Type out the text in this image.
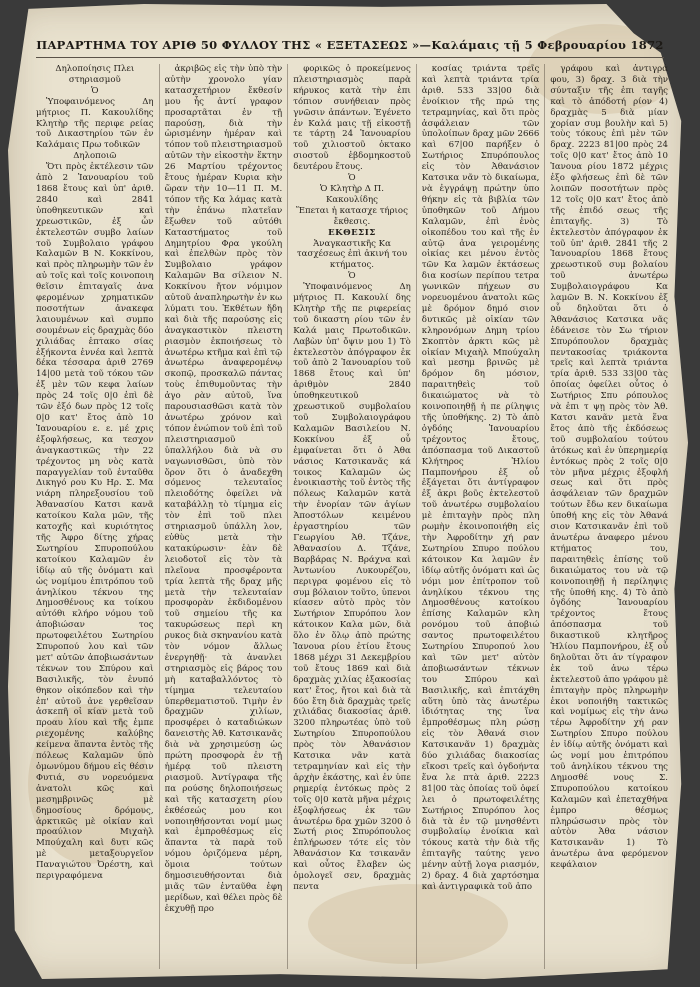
ΠΑΡΑΡΤΗΜΑ ΤΟΥ ΑΡΙΘ 50 ΦΥΛΛΟΥ ΤΗΣ « ΕΞΕΤΑΣΕΩΣ »—Καλάμαις τῇ 5 Φεβρουαρίου 1872

Δηλοποίησις Πλει στηριασμοῦ

Ὁ

Ὑποφαινόμενος Δη μήτριος Π. Κακουλίδης Κλητὴρ τῆς περιφε ρείας τοῦ Δικαστηρίου τῶν ἐν Καλάμαις Πρω τοδικῶν

Δηλοποιῶ

Ὅτι πρὸς ἐκτέλεσιν τῶν ἀπὸ 2 Ἰανουαρίου τοῦ 1868 ἔτους καὶ ὑπ' ἀριθ. 2840 καὶ 2841 ὑποθηκευτικῶν καὶ χρεωστικῶν, ἐξ ὧν ἐκτελεστῶν συμβο λαίων τοῦ Συμβολαιο γράφου Καλαμῶν Β Ν. Κοκκίνου, καὶ πρὸς πληρωμὴν τῶν ἐν αὐ τοῖς καὶ τοῖς κοινοποιη θεῖσιν ἐπιταγαῖς ἀνα φερομένων χρηματικῶν ποσοτήτων ἀνακεφα λαιουμένων καὶ συμπο σουμένων εἰς δραχμὰς δύο χιλιάδας ἑπτακο σίας ἑξήκοντα ἐννέα καὶ λεπτὰ δέκα τέσσαρα ἀριθ 2769 14|00 μετὰ τοῦ τόκου τῶν ἐξ μὲν τῶν κεφα λαίων πρὸς 24 τοῖς 0|0 ἐπὶ δὲ τῶν ἐξό δων πρὸς 12 τοῖς 0|0 κατ' ἔτος ἀπὸ 10 Ἰανουαρίου ε. ε. μέ χρις ἐξοφλήσεως, κα τεσχον ἀναγκαστικῶς τὴν 22 τρέχοντος μη νὸς κατὰ παραγγελίαν τοῦ ἐνταῦθα Δικηγό ρου Κυ Ηρ. Σ. Μα νιάρη πληρεξουσίου τοῦ Ἀθανασίου Κατσι κανᾶ κατοίκου Καλα μῶν, τῆς κατοχῆς καὶ κυριότητος τῆς Ἀφρο δίτης χήρας Σωτηρίου Σπυροπούλου κατοίκου Καλαμῶν ἐν ἰδίῳ αὐ τῆς ὀνόματι καὶ ὡς νομίμου ἐπιτρόπου τοῦ ἀνηλίκου τέκνου της Δημοσθένους κα τοίκου αὐτόθι κλήρο νόμου τοῦ ἀποβιώσαν τος πρωτοφειλέτου Σωτηρίου Σπυροπού λου καὶ τῶν μετ' αὐτῶν ἀποβιωσάντων τέκνων του Σπύρου καὶ Βασιλικῆς, τὸν ἑνυπό θηκον οἰκόπεδον καὶ τὴν ἐπ' αὐτοῦ ἀνε γερθεῖσαν ἀσκεπῆ οἰ κίαν μετὰ τοῦ προαυ λίου καὶ τῆς ἐμπε ριεχομένης καλύβης κείμενα ἅπαντα ἐντὸς τῆς πόλεως Καλαμῶν ὑπὸ ὁμωνύμου δήμου εἰς θέσιν Φυτιά, συ νορευόμενα ἀνατολι κῶς καὶ μεσημβρινῶς μὲ δημοσίους δρόμους, ἀρκτικῶς μὲ οἰκίαν καὶ προαύλιον Μιχαὴλ Μπούχαλη καὶ δυτι κῶς μὲ μεταξουργεῖον Παναγιώτου Ὀρέστη, καὶ περιγραφόμενα

ἀκριβῶς εἰς τὴν ὑπὸ τὴν αὐτὴν χρονολο γίαν κατασχετήριον ἔκθεσίν μου ἧς ἀντί γραφον προσαρτᾶται ἐν τῇ παρούσῃ, διὰ τὴν ὡρισμένην ἡμέραν καὶ τόπον τοῦ πλειστηριασμοῦ αὐτῶν τὴν εἰκοστὴν ἕκτην 26 Μαρτίου τρέχοντος ἔτους ἡμέραν Κυρια κὴν ὥραν τὴν 10—11 Π. Μ. τόπον τῆς Κα λάμας κατὰ τὴν ἐπάνω πλατεῖαν ἔξωθεν τοῦ αὐτόθι Καταστήματος τοῦ Δημητρίου Φρα γκούλη καὶ ἐπελθὼν πρὸς τὸν Συμβολαιο γράφον Καλαμῶν Βα σίλειον Ν. Κοκκίνου ἤτον νόμιμον αὐτοῦ ἀναπληρωτὴν ἐν κω λύματι του. Ἐκθέτων ἤδη καὶ διὰ τῆς παρούσης εἰς ἀναγκαστικὸν πλειστη ριασμὸν ἐκποιήσεως τὸ ἀνωτέρω κτῆμα καὶ ἐπὶ τῷ ἀνωτέρω ἀναφερομένῳ σκοπῷ, προσκαλῶ πάντας τοὺς ἐπιθυμοῦντας τὴν ἀγο ρὰν αὐτοῦ, ἵνα παρουσιασθῶσι κατὰ τὸν ἀνωτέρω χρόνον καὶ τόπον ἐνώπιον τοῦ ἐπὶ τοῦ πλειστηριασμοῦ ὑπαλλήλου διὰ νὰ συ ναγωνισθῶσι, ὑπὸ τὸν ὅρον ὅτι ὁ ἀναδεχθη σόμενος τελευταῖος πλειοδότης ὀφείλει νὰ καταβάλλῃ τὸ τίμημα εἰς τὸν ἐπὶ τοῦ πλει στηριασμοῦ ὑπάλλη λον, εὐθὺς μετὰ τὴν κατακύρωσιν· ἐὰν δὲ λειοδοτοῖ εἰς τὸν τὰ πλεῖονα προσφέροντα τρία λεπτὰ τῆς δραχ μῆς μετὰ τὴν τελευταίαν προσφορὰν ἐκδιδομένου τοῦ σημείου τῆς κα τακυρώσεως περὶ κη ρυκος διὰ σκηνανίου κατὰ τὸν νόμον ἄλλως ἐνεργηθῇ· τὰ ἀνανλει στηριασμὸς εἰς βάρος του μὴ καταβαλλόντος τὸ τίμημα τελευταίου ὑπερθεματιστοῦ. Τιμὴν ἐν δραχμῶν χιλίων, προσφέρει ὁ καταδιώκων δανειστὴς Ἀθ. Κατσικανᾶς διὰ νὰ χρησιμεύσῃ ὡς πρώτη προσφορὰ ἐν τῇ ἡμέρᾳ τοῦ πλειστη ριασμοῦ. Ἀντίγραφα τῆς πα ρούσης δηλοποιήσεως καὶ τῆς κατασχετη ρίου ἐκθέσεώς μου κοι νοποιηθήσονται νομί μως καὶ ἐμπροθέσμως εἰς ἅπαντα τὰ παρὰ τοῦ νόμου ὁριζόμενα μέρη, ὅμοια τούτων δημοσιευθήσονται διὰ μιᾶς τῶν ἐνταῦθα ἐφη μερίδων, καὶ θέλει πρὸς δὲ ἐκχυθῇ προ

φορικῶς ὁ προκείμενος πλειστηριασμὸς παρὰ κήρυκος κατὰ τὴν ἐπι τόπιον συνήθειαν πρὸς γνῶσιν ἁπάντων. Ἐγένετο ἐν Καλά μαις τῇ εἰκοστῇ τε τάρτῃ 24 Ἰανουαρίου τοῦ χιλιοστοῦ ὀκτακο σιοστοῦ ἑβδομηκοστοῦ δευτέρου ἔτους.

Ὁ

Ὁ Κλητὴρ Δ Π. Κακουλίδης

Ἕπεται ἡ κατασχε τήριος ἔκθεσις.

ΕΚΘΕΣΙΣ

Ἀναγκαστικῆς Κα τασχέσεως ἐπὶ ἀκινή του κτήματος.

Ὁ

Ὑποφαινόμενος Δη μήτριος Π. Κακουλί δης Κλητὴρ τῆς πε ριφερείας τοῦ δικαστη ρίου τῶν ἐν Καλά μαις Πρωτοδικῶν. Λαβὼν ὑπ' ὄψιν μου 1) Τὸ ἐκτελεστὸν ἀπόγραφον ἐκ τοῦ ἀπὸ 2 Ἰανουαρίου τοῦ 1868 ἔτους καὶ ὑπ' ἀριθμὸν 2840 ὑποθηκευτικοῦ χρεωστικοῦ συμβολαίου τοῦ Συμβολαιογράφου Καλαμῶν Βασιλείου Ν. Κοκκίνου ἐξ οὗ ἐμφαίνεται ὅτι ὁ Ἀθα νάσιος Κατσικανᾶς κά τοικος Καλαμῶν ὡς ἐνοικιαστὴς τοῦ ἐντὸς τῆς πόλεως Καλαμῶν κατὰ τὴν ἐνορίαν τῶν ἁγίων Ἀποστόλων κειμένου ἐργαστηρίου τῶν Γεωργίου Ἀθ. Τζάνε, Ἀθανασίου Δ. Τζάνε, Βαρβάρας Ν. Βράχνα καὶ Ἀντωνίου Λυκουρέζου, περιγρα φομένου εἰς τὸ συμ βόλαιον τοῦτο, ὑπενοι κίασεν αὐτὸ πρὸς τὸν Σωτήριον Σπυρόπου λον κάτοικον Καλα μῶν, διὰ ὅλο ἐν ὅλῳ ἀπὸ πρώτης Ἰανουα ρίου ἐτίου ἔτους 1868 μέχρι 31 Δεκεμβρίου τοῦ ἔτους 1869 καὶ διὰ δραχμὰς χιλίας ἑξακοσίας κατ' ἔτος, ἤτοι καὶ διὰ τὰ δύο ἔτη διὰ δραχμὰς τρεῖς χιλιάδας διακοσίας ἀριθ. 3200 πληρωτέας ὑπὸ τοῦ Σωτηρίου Σπυροπούλου πρὸς τὸν Ἀθανάσιον Κατσικα νᾶν κατὰ τετραμηνίαν καὶ εἰς τὴν ἀρχὴν ἑκάστης, καὶ ἐν ὑπε ρημερίᾳ ἐντόκως πρὸς 2 τοῖς 0|0 κατὰ μῆνα μέχρις ἐξοφλήσεως ἐκ τῶν ἀνωτέρω δρα χμῶν 3200 ὁ Σωτή ριος Σπυρόπουλος ἐπλήρωσεν τότε εἰς τὸν Ἀθανάσιον Κα τσικανᾶν καὶ οὗτος ἔλαβεν ὡς ὁμολογεῖ σεν, δραχμὰς πεντα

κοσίας τριάντα τρεῖς καὶ λεπτὰ τριάντα τρία ἀριθ. 533 33|00 διὰ ἐνοίκιον τῆς πρώ της τετραμηνίας, καὶ ὅτι πρὸς ἀσφάλειαν τῶν ὑπολοίπων δραχ μῶν 2666 καὶ 67|00 παρήξεν ὁ Σωτήριος Σπυρόπουλος εἰς τὸν Ἀθανάσιον Κατσικα νᾶν τὸ δικαίωμα, νὰ ἐγγράψῃ πρώτην ὑπο θήκην εἰς τὰ βιβλία τῶν ὑποθηκῶν τοῦ Δήμου Καλαμῶν, ἐπὶ ἑνὸς οἰκοπέδου του καὶ τῆς ἐν αὐτῷ ἀνα γειρομένης οἰκίας κει μένου ἐντὸς τῶν Κα λαμῶν ἐκτάσεως δια κοσίων περίπου τετρα γωνικῶν πήχεων συ νορευομένου ἀνατολι κῶς μὲ δρόμον δημό σιον δυτικῶς μὲ οἰκίαν τῶν κληρονόμων Δημη τρίου Σκοπτὸν ἀρκτι κῶς μὲ οἰκίαν Μιχαὴλ Μπούχαλη καὶ μεσημ βρινῶς μὲ δρόμον δη μόσιον, παραιτηθεὶς τοῦ δικαιώματος νὰ τὸ κοινοποιηθῇ ἡ πε ρίληψις τῆς ὑποθήκης. 2) Τὸ ἀπὸ ὀγδόης Ἰανουαρίου τρέχοντος ἔτους, ἀπόσπασμα τοῦ Δικαστοῦ Κλήτηρος Ἡλίου Παμπονήρου ἐξ οὗ ἐξάγεται ὅτι ἀντίγραφον ἐξ ἀκρι βοῦς ἐκτελεστοῦ τοῦ ἀνωτέρω συμβολαίου μὲ ἐπιταγὴν πρὸς πλη ρωμὴν ἐκοινοποιήθη εἰς τὴν Ἀφροδίτην χή ραν Σωτηρίου Σπυρο πούλου κάτοικον Κα λαμῶν ἐν ἰδίῳ αὐτῆς ὀνόματι καὶ ὡς νόμι μον ἐπίτροπον τοῦ ἀνηλίκου τέκνου της Δημοσθένους κατοίκου ἐπίσης Καλαμῶν κλη ρονόμου τοῦ ἀποβιώ σαντος πρωτοφειλέτου Σωτηρίου Σπυροπού λου καὶ τῶν μετ' αὐτὸν ἀποβιωσάντων τέκνων του Σπύρου καὶ Βασιλικῆς, καὶ ἐπιτάχθη αὕτη ὑπὸ τὰς ἀνωτέρω ἰδιότητας της ἵνα ἐμπροθέσμως πλη ρώσῃ εἰς τὸν Ἀθανά σιον Κατσικανᾶν 1) δραχμὰς δύο χιλιάδας διακοσίας εἴκοσι τρεῖς καὶ ὀγδοήντα ἕνα λε πτὰ ἀριθ. 2223 81|00 τὰς ὁποίας τοῦ ὀφεί λει ὁ πρωτοφειλέτης Σωτήριος Σπυρόπου λος διὰ τὰ ἐν τῷ μνησθέντι συμβολαίῳ ἐνοίκια καὶ τόκους κατὰ τὴν διὰ τῆς ἐπιταγῆς ταύτης γενο μένην αὐτῇ λογα ριασμόν, 2) δραχ. 4 διὰ χαρτόσημα καὶ ἀντιγραφικὰ τοῦ ἀπο

γράφου καὶ ἀντιγρά φου, 3) δραχ. 3 διὰ τὴν σύνταξιν τῆς ἐπι ταγῆς καὶ τὸ ἀπόδοτή ρίον 4) δραχμὰς 5 διὰ μίαν χορίαν συμ βουλὴν καὶ 5) τοὺς τόκους ἐπὶ μὲν τῶν δραχ. 2223 81|00 πρὸς 24 τοῖς 0|0 κατ' ἔτος ἀπὸ 10 Ἰανουα ρίου 1872 μέχρις ἐξο φλήσεως ἐπὶ δὲ τῶν λοιπῶν ποσοτήτων πρὸς 12 τοῖς 0|0 κατ' ἔτος ἀπὸ τῆς ἐπιδό σεως τῆς ἐπιταγῆς. 3) Τὸ ἐκτελεστὸν ἀπόγραφον ἐκ τοῦ ὑπ' ἀριθ. 2841 τῆς 2 Ἰανουαρίου 1868 ἔτους χρεωστικοῦ συμ βολαίου τοῦ ἀνωτέρω Συμβολαιογράφου Κα λαμῶν Β. Ν. Κοκκίνου ἐξ οὗ δηλοῦται ὅτι ὁ Ἀθανάσιος Κατσικα νᾶς ἐδάνεισε τὸν Σω τήριον Σπυρόπουλον δραχμὰς πεντακοσίας τριάκοντα τρεῖς καὶ λεπτὰ τριάντα τρία ἀριθ. 533 33|00 τὰς ὁποίας ὁφείλει οὗτος ὁ Σωτήριος Σπυ ρόπουλος νὰ ἐπι τ ψῃ πρὸς τὸν Ἀθ. Κατσι κανᾶν μετὰ ἕνα ἔτος ἀπὸ τῆς ἐκδόσεως τοῦ συμβολαίου τούτου ἀτόκως καὶ ἐν ὑπερημερίᾳ ἐντόκως πρὸς 2 τοῖς 0|0 τὸν μῆνα μέχρις ἐξοφλή σεως καὶ ὅτι πρὸς ἀσφάλειαν τῶν δραχμῶν τούτων ἔδω κεν δικαίωμα ὑποθή κης εἰς τὸν Ἀθανά σιον Κατσικανᾶν ἐπὶ τοῦ ἀνωτέρω ἀναφερο μένου κτήματος του, παραιτηθεὶς ἐπίσης τοῦ δικαιώματος του νὰ τῷ κοινοποιηθῇ ἡ περίληψις τῆς ὑποθή κης. 4) Τὸ ἀπὸ ὀγδόης Ἰανουαρίου τρέχοντος ἔτους ἀπόσπασμα τοῦ δικαστικοῦ κλητῆρος Ἡλίου Παμπονήρου, ἐξ οὗ δηλοῦται ὅτι ἀν τίγραφον ἐκ τοῦ ἀνω τέρω ἐκτελεστοῦ ἀπο γράφου μὲ ἐπιταγὴν πρὸς πληρωμὴν ἐκοι νοποιήθη τακτικῶς καὶ νομίμως εἰς τὴν ἀνω τέρω Ἀφροδίτην χή ραν Σωτηρίου Σπυρο πούλου ἐν ἰδίῳ αὐτῆς ὀνόματι καὶ ὡς νομί μου ἐπιτρόπου τοῦ ἀνηλίκου τέκνου της Δημοσθέ νους Σ. Σπυροπούλου κατοίκου Καλαμῶν καὶ ἐπεταχθήνα ἐμπρο θέσμως πληρώσωσιν πρὸς τὸν αὐτὸν Ἀθα νάσιον Κατσικανᾶν 1) Τὸ ἀνωτέρω ἀνα φερόμενον κεφάλαιον
